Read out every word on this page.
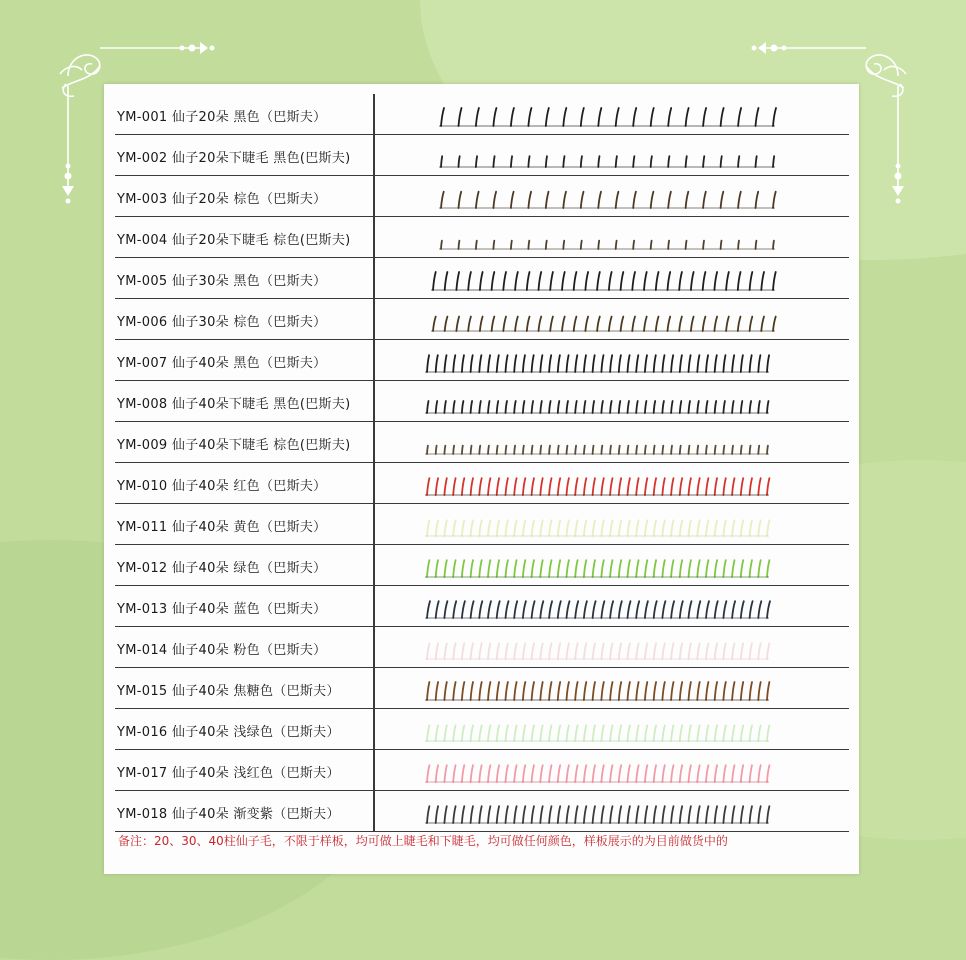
YM-001 仙子20朵 黑色（巴斯夫）
YM-002 仙子20朵下睫毛 黑色(巴斯夫)
YM-003 仙子20朵 棕色（巴斯夫）
YM-004 仙子20朵下睫毛 棕色(巴斯夫)
YM-005 仙子30朵 黑色（巴斯夫）
YM-006 仙子30朵 棕色（巴斯夫）
YM-007 仙子40朵 黑色（巴斯夫）
YM-008 仙子40朵下睫毛 黑色(巴斯夫)
YM-009 仙子40朵下睫毛 棕色(巴斯夫)
YM-010 仙子40朵 红色（巴斯夫）
YM-011 仙子40朵 黄色（巴斯夫）
YM-012 仙子40朵 绿色（巴斯夫）
YM-013 仙子40朵 蓝色（巴斯夫）
YM-014 仙子40朵 粉色（巴斯夫）
YM-015 仙子40朵 焦糖色（巴斯夫）
YM-016 仙子40朵 浅绿色（巴斯夫）
YM-017 仙子40朵 浅红色（巴斯夫）
YM-018 仙子40朵 渐变紫（巴斯夫）
备注：20、30、40柱仙子毛，不限于样板，均可做上睫毛和下睫毛，均可做任何颜色，样板展示的为目前做货中的
